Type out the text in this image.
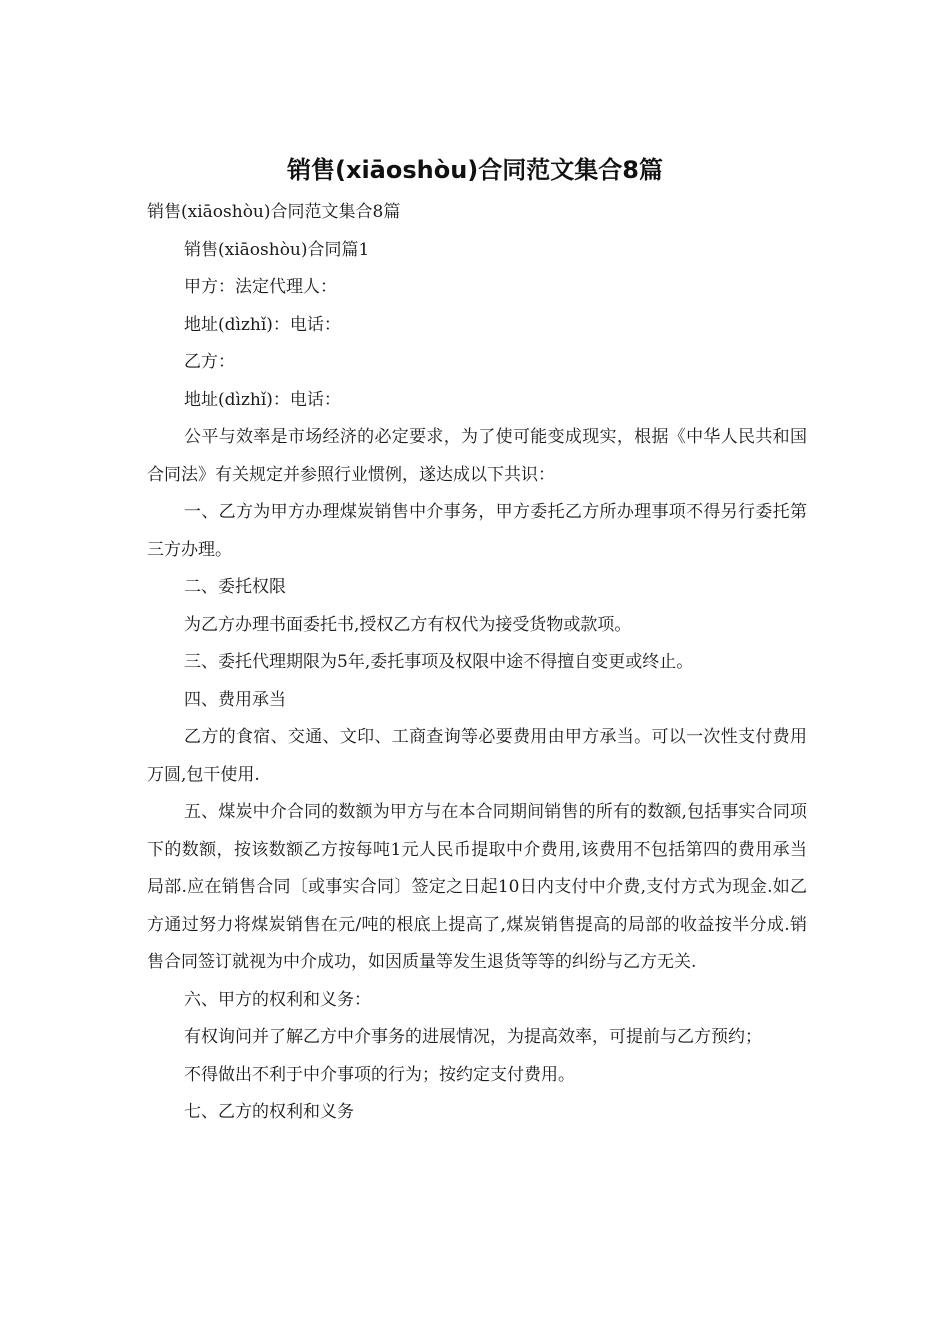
销售(xiāoshòu)合同范文集合8篇

销售(xiāoshòu)合同范文集合8篇

销售(xiāoshòu)合同篇1

甲方：法定代理人：

地址(dìzhǐ)：电话：

乙方：

地址(dìzhǐ)：电话：

公平与效率是市场经济的必定要求，为了使可能变成现实，根据《中华人民共和国合同法》有关规定并参照行业惯例，遂达成以下共识：

一、乙方为甲方办理煤炭销售中介事务，甲方委托乙方所办理事项不得另行委托第三方办理。

二、委托权限

为乙方办理书面委托书,授权乙方有权代为接受货物或款项。

三、委托代理期限为5年,委托事项及权限中途不得擅自变更或终止。

四、费用承当

乙方的食宿、交通、文印、工商查询等必要费用由甲方承当。可以一次性支付费用万圆,包干使用.

五、煤炭中介合同的数额为甲方与在本合同期间销售的所有的数额,包括事实合同项下的数额，按该数额乙方按每吨1元人民币提取中介费用,该费用不包括第四的费用承当局部.应在销售合同〔或事实合同〕签定之日起10日内支付中介费,支付方式为现金.如乙方通过努力将煤炭销售在元/吨的根底上提高了,煤炭销售提高的局部的收益按半分成.销售合同签订就视为中介成功，如因质量等发生退货等等的纠纷与乙方无关.

六、甲方的权利和义务：

有权询问并了解乙方中介事务的进展情况，为提高效率，可提前与乙方预约；

不得做出不利于中介事项的行为；按约定支付费用。

七、乙方的权利和义务
